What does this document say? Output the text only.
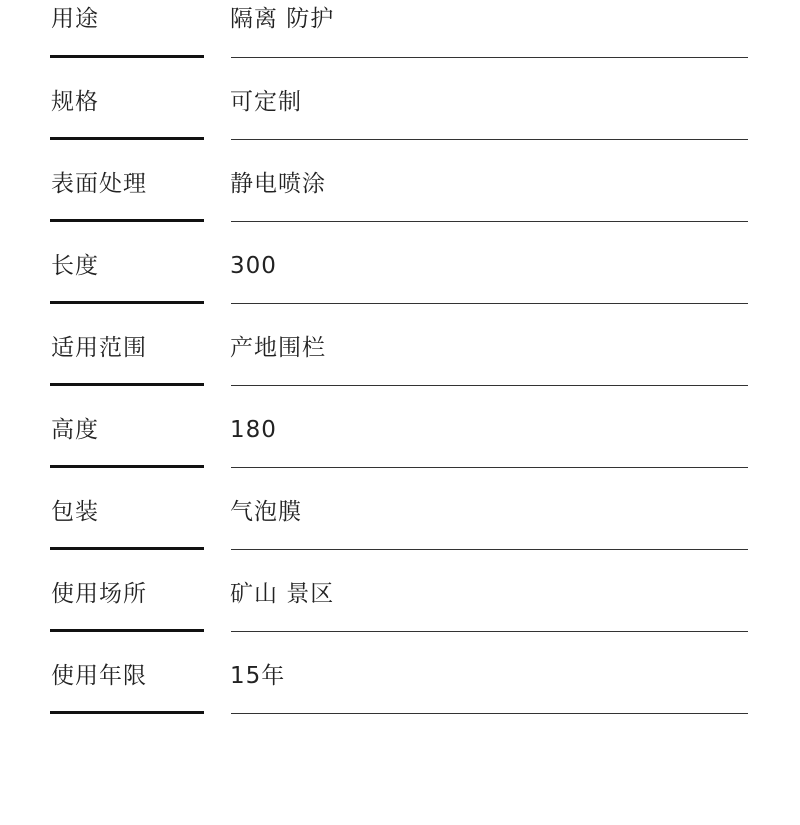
用途	隔离 防护
规格	可定制
表面处理	静电喷涂
长度	300
适用范围	产地围栏
高度	180
包装	气泡膜
使用场所	矿山 景区
使用年限	15年
